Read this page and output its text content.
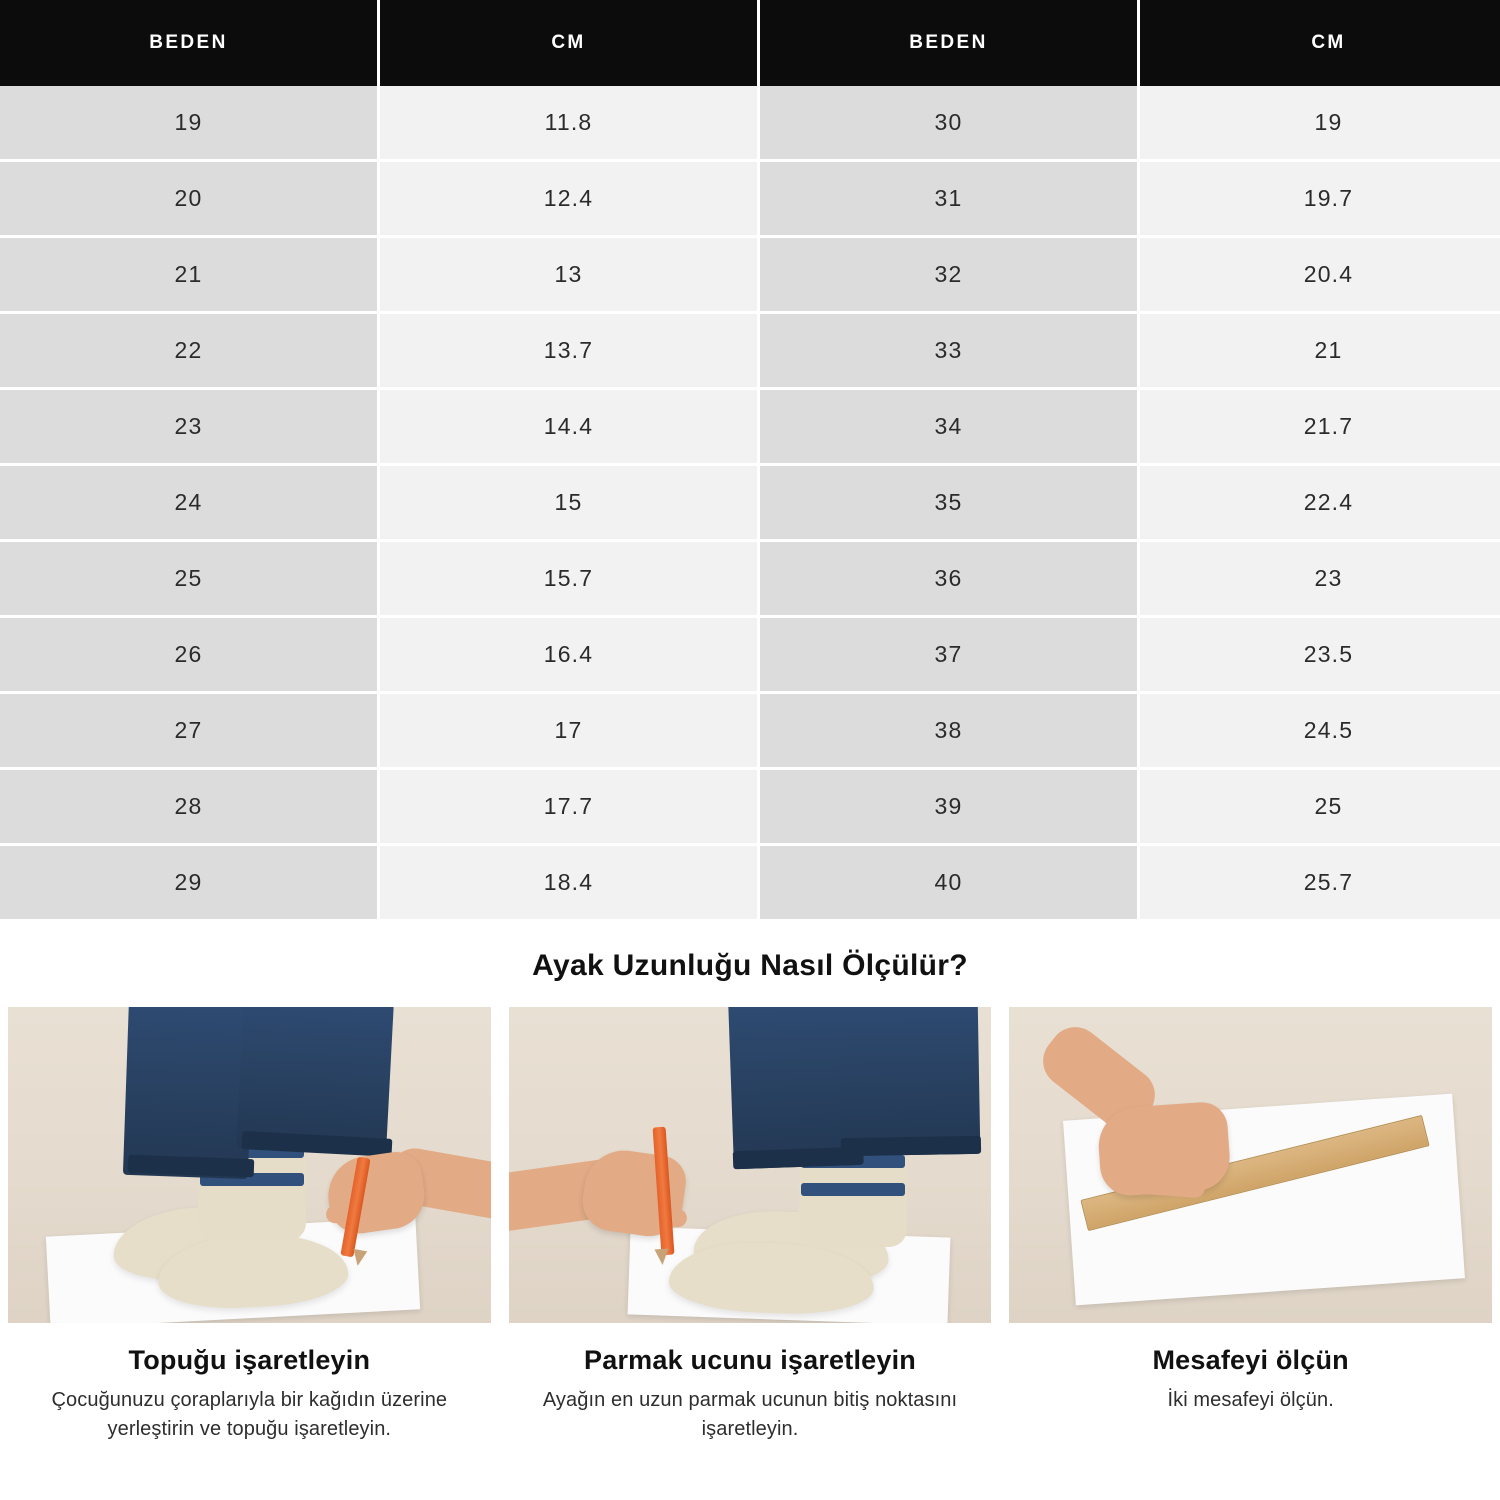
BEDEN	CM	BEDEN	CM
19	11.8	30	19
20	12.4	31	19.7
21	13	32	20.4
22	13.7	33	21
23	14.4	34	21.7
24	15	35	22.4
25	15.7	36	23
26	16.4	37	23.5
27	17	38	24.5
28	17.7	39	25
29	18.4	40	25.7
Ayak Uzunluğu Nasıl Ölçülür?
Topuğu işaretleyin
Çocuğunuzu çoraplarıyla bir kağıdın üzerine yerleştirin ve topuğu işaretleyin.
Parmak ucunu işaretleyin
Ayağın en uzun parmak ucunun bitiş noktasını işaretleyin.
Mesafeyi ölçün
İki mesafeyi ölçün.
